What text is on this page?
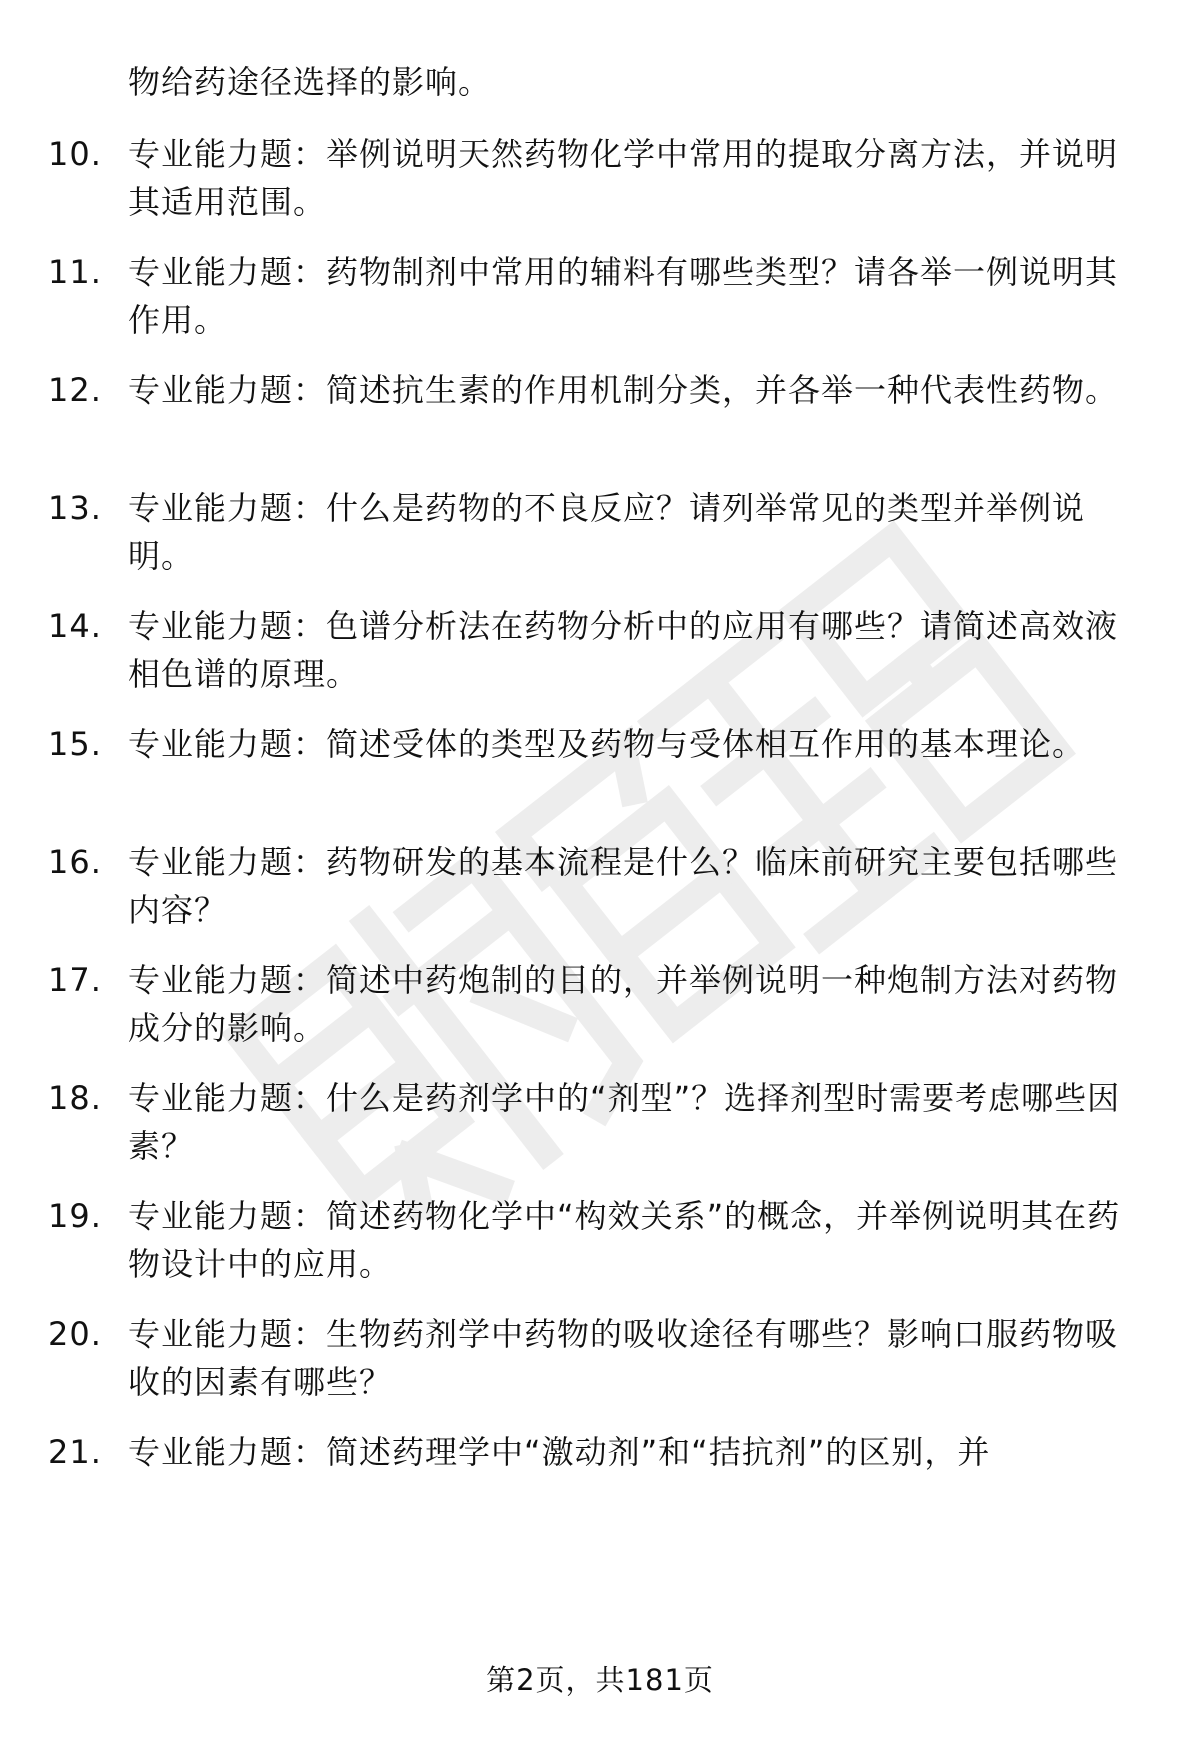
物给药途径选择的影响。
10. 专业能力题：举例说明天然药物化学中常用的提取分离方法，并说明其适用范围。
11. 专业能力题：药物制剂中常用的辅料有哪些类型？请各举一例说明其作用。
12. 专业能力题：简述抗生素的作用机制分类，并各举一种代表性药物。
13. 专业能力题：什么是药物的不良反应？请列举常见的类型并举例说明。
14. 专业能力题：色谱分析法在药物分析中的应用有哪些？请简述高效液相色谱的原理。
15. 专业能力题：简述受体的类型及药物与受体相互作用的基本理论。
16. 专业能力题：药物研发的基本流程是什么？临床前研究主要包括哪些内容？
17. 专业能力题：简述中药炮制的目的，并举例说明一种炮制方法对药物成分的影响。
18. 专业能力题：什么是药剂学中的“剂型”？选择剂型时需要考虑哪些因素？
19. 专业能力题：简述药物化学中“构效关系”的概念，并举例说明其在药物设计中的应用。
20. 专业能力题：生物药剂学中药物的吸收途径有哪些？影响口服药物吸收的因素有哪些？
21. 专业能力题：简述药理学中“激动剂”和“拮抗剂”的区别，并
第2页，共181页
